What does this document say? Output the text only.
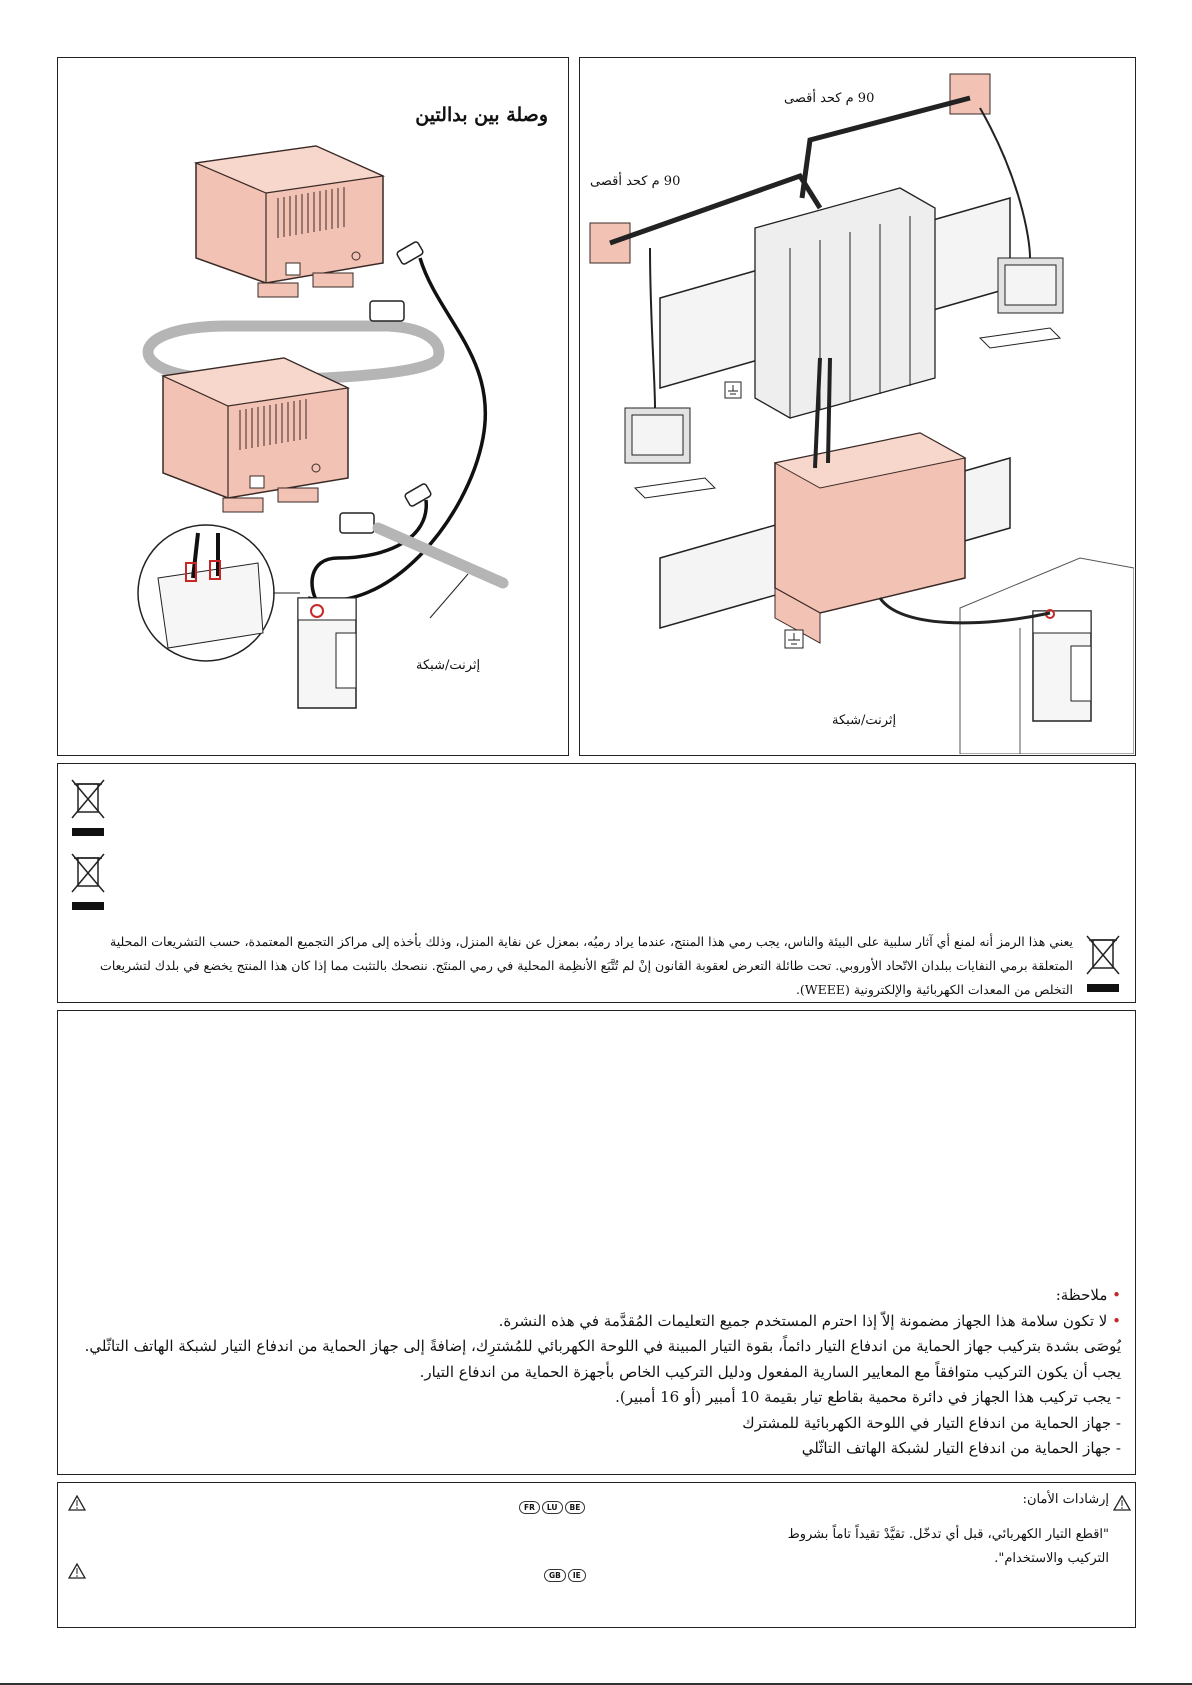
وصلة بين بدالتين
إثرنت/شبكة
90 م كحد أقصى
90 م كحد أقصى
إثرنت/شبكة
يعني هذا الرمز أنه لمنع أي آثار سلبية على البيئة والناس، يجب رمي هذا المنتج، عندما يراد رميُه، بمعزل عن نفاية المنزل، وذلك بأخذه إلى مراكز التجميع المعتمدة، حسب التشريعات المحلية المتعلقة برمي النفايات ببلدان الاتّحاد الأوروبي. تحت طائلة التعرض لعقوبة القانون إنْ لم تُتَّبَع الأنظِمة المحلية في رمي المنتَج. ننصحك بالتثبت مما إذا كان هذا المنتج يخضع في بلدك لتشريعات التخلص من المعدات الكهربائية والإلكترونية (WEEE).
• ملاحظة:
• لا تكون سلامة هذا الجهاز مضمونة إلاّ إذا احترم المستخدم جميع التعليمات المُقدَّمة في هذه النشرة.
يُوصَى بشدة بتركيب جهاز الحماية من اندفاع التيار دائماً، بقوة التيار المبينة في اللوحة الكهربائي للمُشترِك، إضافةً إلى جهاز الحماية من اندفاع التيار لشبكة الهاتف التاثّلي.
يجب أن يكون التركيب متوافقاً مع المعايير السارية المفعول ودليل التركيب الخاص بأجهزة الحماية من اندفاع التيار.
- يجب تركيب هذا الجهاز في دائرة محمية بقاطع تيار بقيمة 10 أمبير (أو 16 أمبير).
- جهاز الحماية من اندفاع التيار في اللوحة الكهربائية للمشترك
- جهاز الحماية من اندفاع التيار لشبكة الهاتف التاثّلي
FR LU BE
GB IE
إرشادات الأمان:
"اقطع التيار الكهربائي، قبل أي تدخّل. تقيَّدْ تقيداً تاماً بشروط
التركيب والاستخدام".
